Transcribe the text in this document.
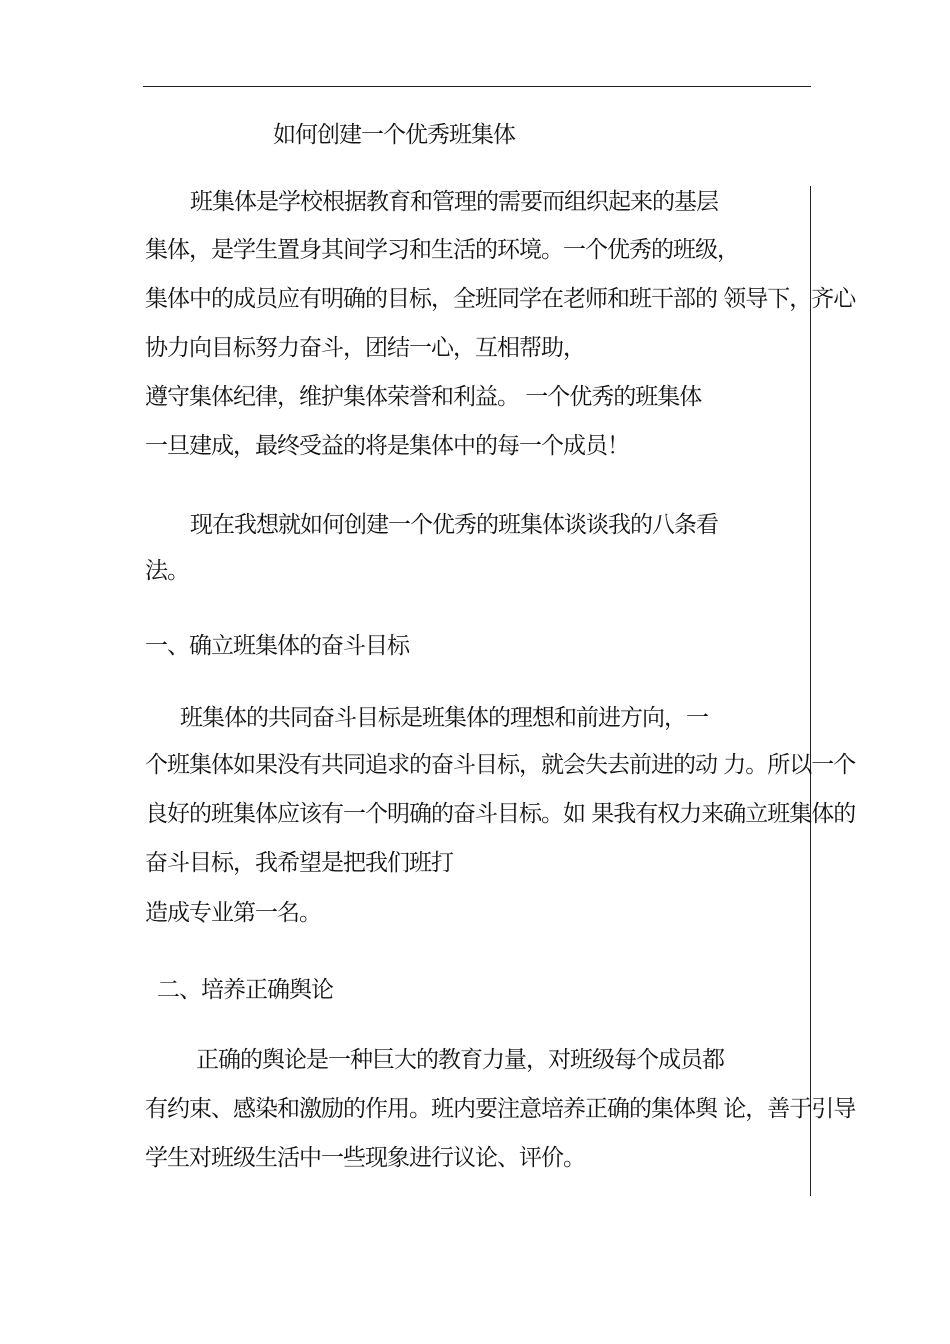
如何创建一个优秀班集体
班集体是学校根据教育和管理的需要而组织起来的基层
集体，是学生置身其间学习和生活的环境。一个优秀的班级，
集体中的成员应有明确的目标，全班同学在老师和班干部的 领导下，齐心
协力向目标努力奋斗，团结一心，互相帮助，
遵守集体纪律，维护集体荣誉和利益。 一个优秀的班集体
一旦建成，最终受益的将是集体中的每一个成员！
现在我想就如何创建一个优秀的班集体谈谈我的八条看
法。
一、确立班集体的奋斗目标
班集体的共同奋斗目标是班集体的理想和前进方向，一
个班集体如果没有共同追求的奋斗目标，就会失去前进的动 力。所以一个
良好的班集体应该有一个明确的奋斗目标。如 果我有权力来确立班集体的
奋斗目标，我希望是把我们班打
造成专业第一名。
二、培养正确舆论
正确的舆论是一种巨大的教育力量，对班级每个成员都
有约束、感染和激励的作用。班内要注意培养正确的集体舆 论，善于引导
学生对班级生活中一些现象进行议论、评价。
